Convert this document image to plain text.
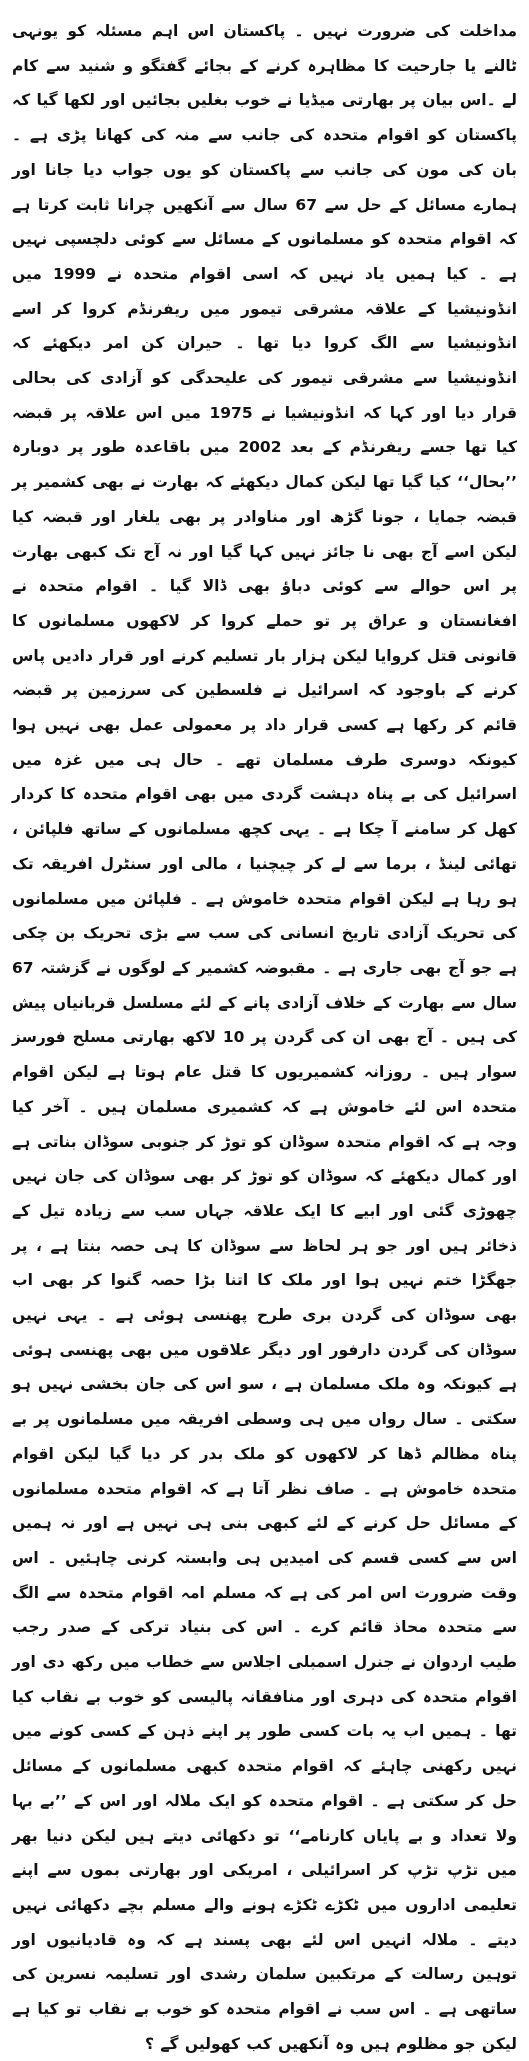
مداخلت کی ضرورت نہیں ۔ پاکستان اس اہم مسئلہ کو یونہی ٹالنے یا جارحیت کا مظاہرہ کرنے کے بجائے گفتگو و شنید سے کام لے ۔اس بیان پر بھارتی میڈیا نے خوب بغلیں بجائیں اور لکھا گیا کہ پاکستان کو اقوام متحدہ کی جانب سے منہ کی کھانا پڑی ہے ۔ بان کی مون کی جانب سے پاکستان کو یوں جواب دیا جانا اور ہمارے مسائل کے حل سے 67 سال سے آنکھیں چرانا ثابت کرتا ہے کہ اقوام متحدہ کو مسلمانوں کے مسائل سے کوئی دلچسپی نہیں ہے ۔ کیا ہمیں یاد نہیں کہ اسی اقوام متحدہ نے 1999 میں انڈونیشیا کے علاقہ مشرقی تیمور میں ریفرنڈم کروا کر اسے انڈونیشیا سے الگ کروا دیا تھا ۔ حیران کن امر دیکھئے کہ انڈونیشیا سے مشرقی تیمور کی علیحدگی کو آزادی کی بحالی قرار دیا اور کہا کہ انڈونیشیا نے 1975 میں اس علاقہ پر قبضہ کیا تھا جسے ریفرنڈم کے بعد 2002 میں باقاعدہ طور پر دوبارہ ’’بحال‘‘ کیا گیا تھا لیکن کمال دیکھئے کہ بھارت نے بھی کشمیر پر قبضہ جمایا ، جونا گڑھ اور مناوادر پر بھی یلغار اور قبضہ کیا لیکن اسے آج بھی نا جائز نہیں کہا گیا اور نہ آج تک کبھی بھارت پر اس حوالے سے کوئی دباؤ بھی ڈالا گیا ۔ اقوام متحدہ نے افغانستان و عراق پر تو حملے کروا کر لاکھوں مسلمانوں کا قانونی قتل کروایا لیکن ہزار بار تسلیم کرنے اور قرار دادیں پاس کرنے کے باوجود کہ اسرائیل نے فلسطین کی سرزمین پر قبضہ قائم کر رکھا ہے کسی قرار داد پر معمولی عمل بھی نہیں ہوا کیونکہ دوسری طرف مسلمان تھے ۔ حال ہی میں غزہ میں اسرائیل کی بے پناہ دہشت گردی میں بھی اقوام متحدہ کا کردار کھل کر سامنے آ چکا ہے ۔ یہی کچھ مسلمانوں کے ساتھ فلپائن ، تھائی لینڈ ، برما سے لے کر چیچنیا ، مالی اور سنٹرل افریقہ تک ہو رہا ہے لیکن اقوام متحدہ خاموش ہے ۔ فلپائن میں مسلمانوں کی تحریک آزادی تاریخ انسانی کی سب سے بڑی تحریک بن چکی ہے جو آج بھی جاری ہے ۔ مقبوضہ کشمیر کے لوگوں نے گزشتہ 67 سال سے بھارت کے خلاف آزادی پانے کے لئے مسلسل قربانیاں پیش کی ہیں ۔ آج بھی ان کی گردن پر 10 لاکھ بھارتی مسلح فورسز سوار ہیں ۔ روزانہ کشمیریوں کا قتل عام ہوتا ہے لیکن اقوام متحدہ اس لئے خاموش ہے کہ کشمیری مسلمان ہیں ۔ آخر کیا وجہ ہے کہ اقوام متحدہ سوڈان کو توڑ کر جنوبی سوڈان بناتی ہے اور کمال دیکھئے کہ سوڈان کو توڑ کر بھی سوڈان کی جان نہیں چھوڑی گئی اور ابیے کا ایک علاقہ جہاں سب سے زیادہ تیل کے ذخائر ہیں اور جو ہر لحاظ سے سوڈان کا ہی حصہ بنتا ہے ، پر جھگڑا ختم نہیں ہوا اور ملک کا اتنا بڑا حصہ گنوا کر بھی اب بھی سوڈان کی گردن بری طرح پھنسی ہوئی ہے ۔ یہی نہیں سوڈان کی گردن دارفور اور دیگر علاقوں میں بھی پھنسی ہوئی ہے کیونکہ وہ ملک مسلمان ہے ، سو اس کی جان بخشی نہیں ہو سکتی ۔ سال رواں میں ہی وسطی افریقہ میں مسلمانوں پر بے پناہ مظالم ڈھا کر لاکھوں کو ملک بدر کر دیا گیا لیکن اقوام متحدہ خاموش ہے ۔ صاف نظر آتا ہے کہ اقوام متحدہ مسلمانوں کے مسائل حل کرنے کے لئے کبھی بنی ہی نہیں ہے اور نہ ہمیں اس سے کسی قسم کی امیدیں ہی وابستہ کرنی چاہئیں ۔ اس وقت ضرورت اس امر کی ہے کہ مسلم امہ اقوام متحدہ سے الگ سے متحدہ محاذ قائم کرے ۔ اس کی بنیاد ترکی کے صدر رجب طیب اردوان نے جنرل اسمبلی اجلاس سے خطاب میں رکھ دی اور اقوام متحدہ کی دہری اور منافقانہ پالیسی کو خوب بے نقاب کیا تھا ۔ ہمیں اب یہ بات کسی طور پر اپنے ذہن کے کسی کونے میں نہیں رکھنی چاہئے کہ اقوام متحدہ کبھی مسلمانوں کے مسائل حل کر سکتی ہے ۔ اقوام متحدہ کو ایک ملالہ اور اس کے ’’بے بہا ولا تعداد و بے پایاں کارنامے‘‘ تو دکھائی دیتے ہیں لیکن دنیا بھر میں تڑپ تڑپ کر اسرائیلی ، امریکی اور بھارتی بموں سے اپنے تعلیمی اداروں میں ٹکڑے ٹکڑے ہونے والے مسلم بچے دکھائی نہیں دیتے ۔ ملالہ انہیں اس لئے بھی پسند ہے کہ وہ قادیانیوں اور توہین رسالت کے مرتکبین سلمان رشدی اور تسلیمہ نسرین کی ساتھی ہے ۔ اس سب نے اقوام متحدہ کو خوب بے نقاب تو کیا ہے لیکن جو مظلوم ہیں وہ آنکھیں کب کھولیں گے ؟
